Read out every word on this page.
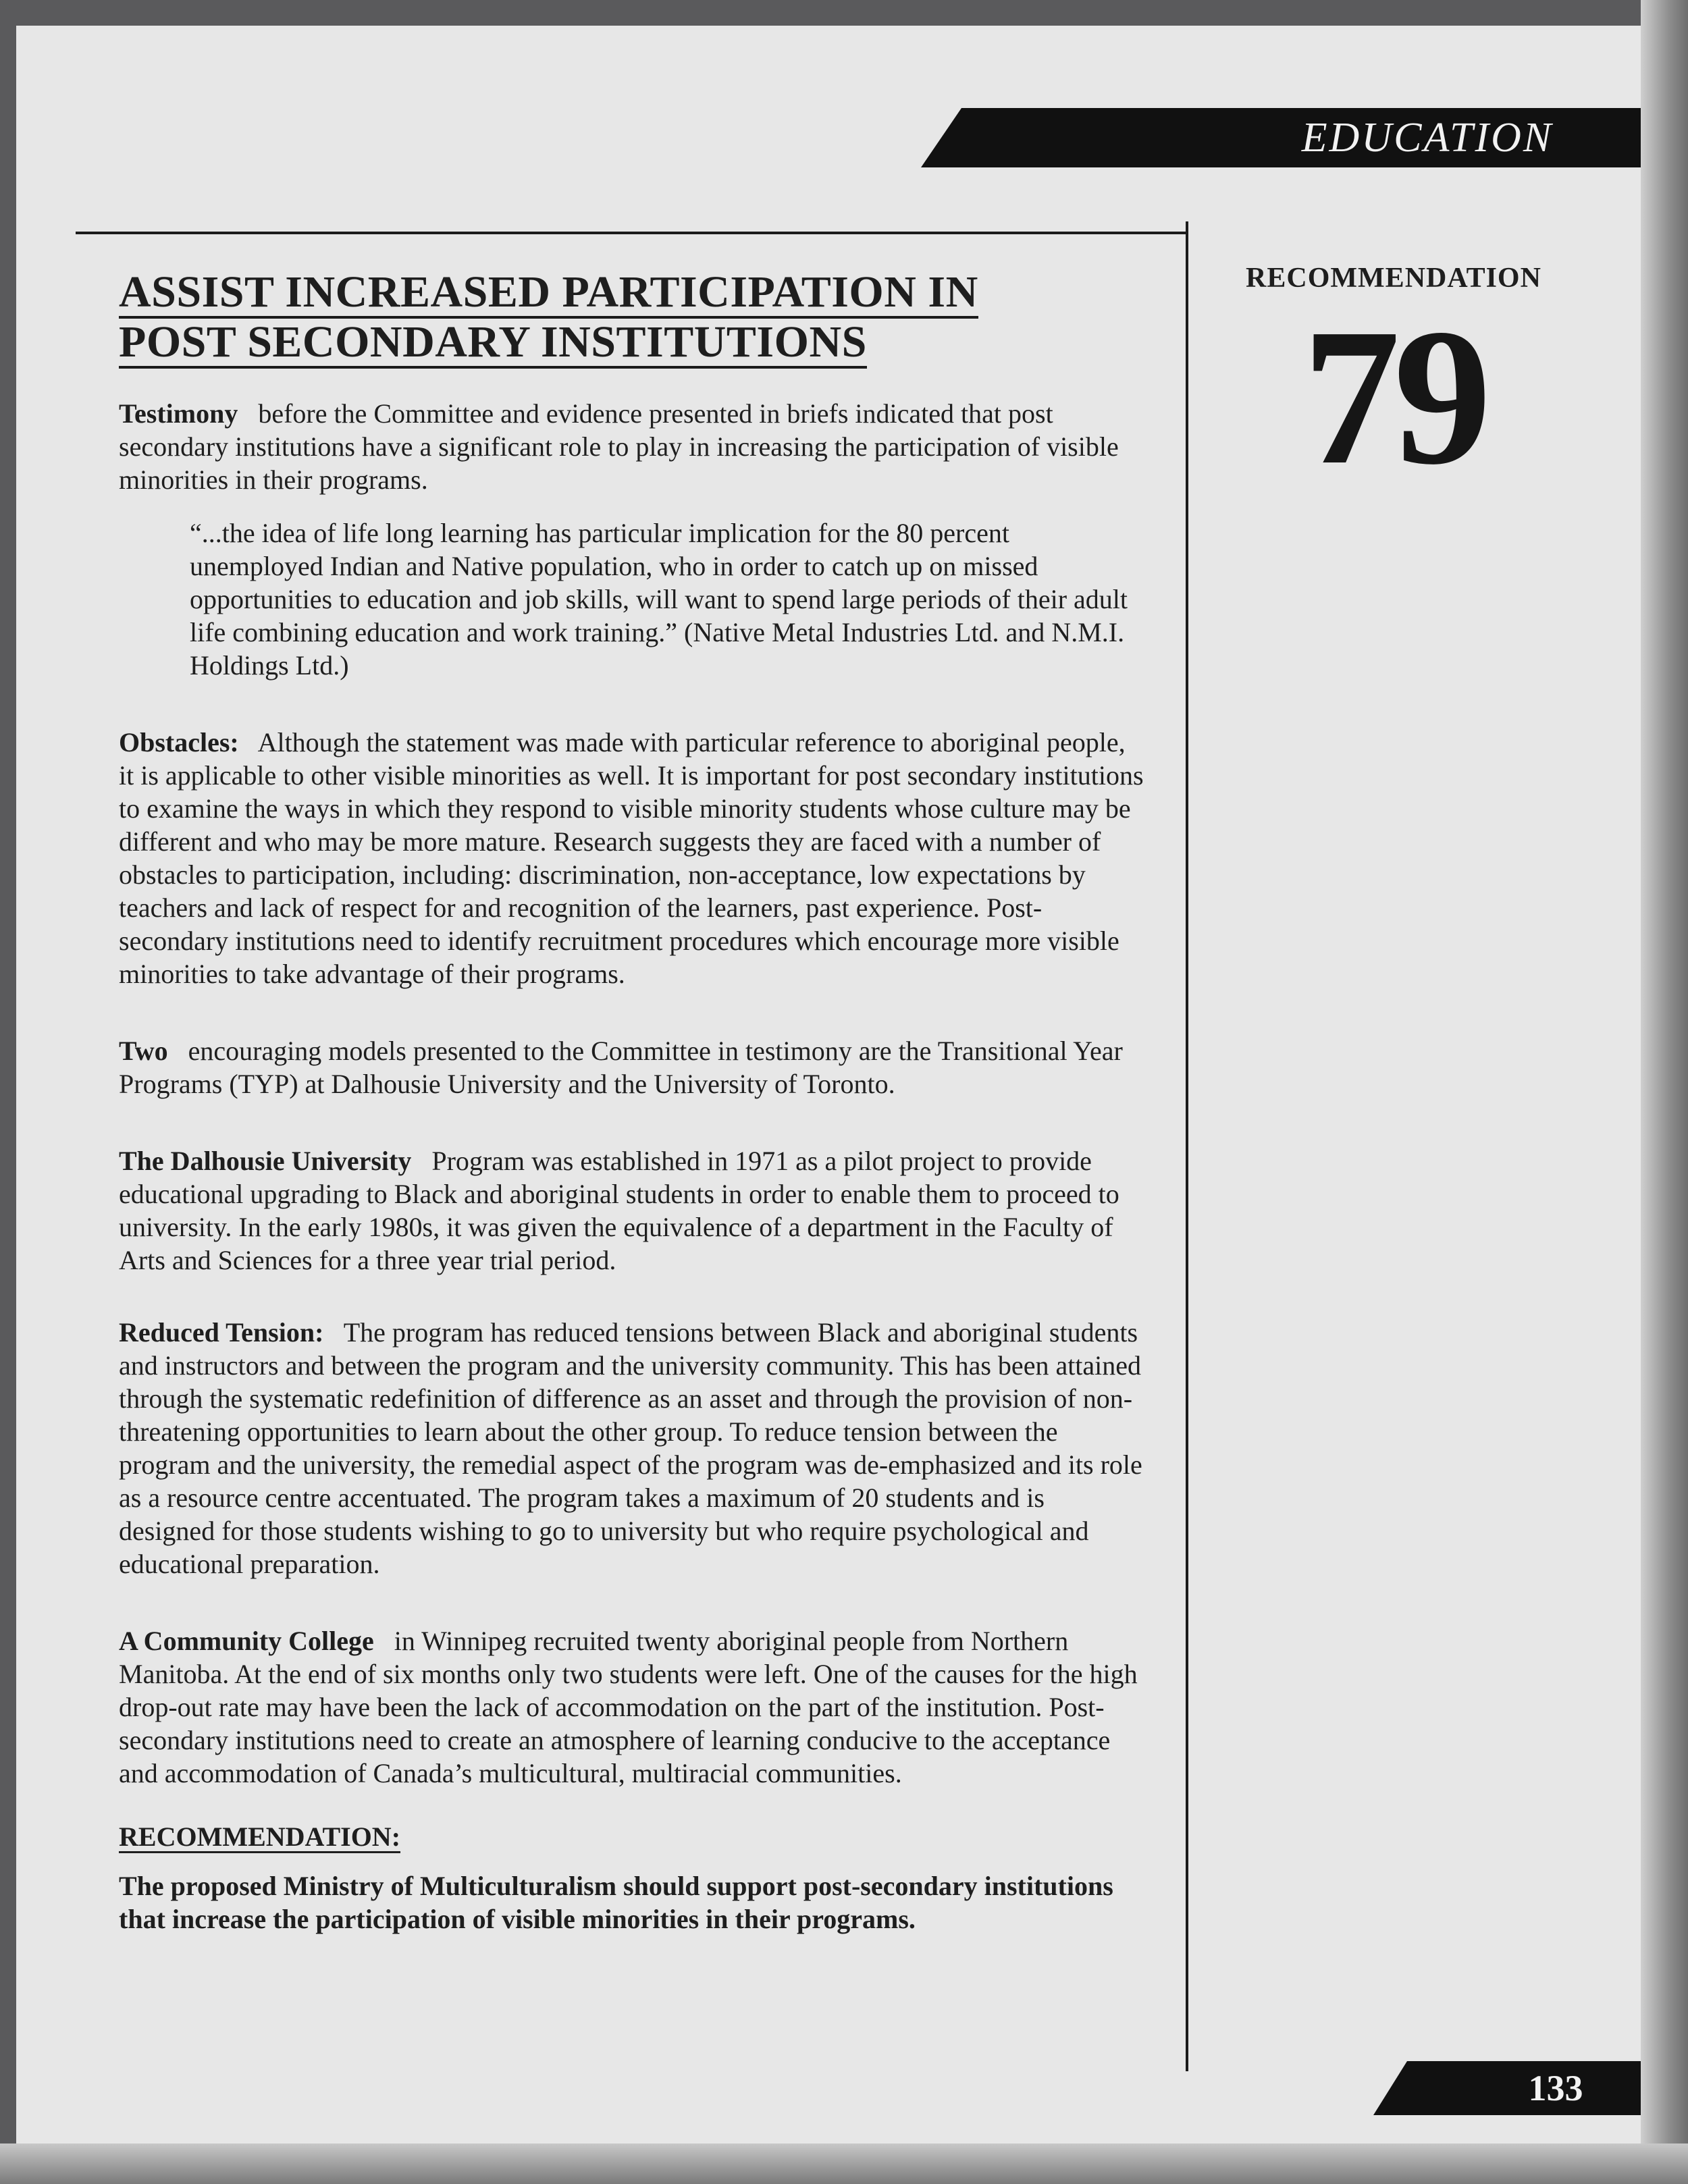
EDUCATION
RECOMMENDATION
79
ASSIST INCREASED PARTICIPATION IN
POST SECONDARY INSTITUTIONS

Testimony before the Committee and evidence presented in briefs indicated that post secondary institutions have a significant role to play in increasing the participation of visible minorities in their programs.

“...the idea of life long learning has particular implication for the 80 percent unemployed Indian and Native population, who in order to catch up on missed opportunities to education and job skills, will want to spend large periods of their adult life combining education and work training.” (Native Metal Industries Ltd. and N.M.I. Holdings Ltd.)

Obstacles: Although the statement was made with particular reference to aboriginal people, it is applicable to other visible minorities as well. It is important for post secondary institutions to examine the ways in which they respond to visible minority students whose culture may be different and who may be more mature. Research suggests they are faced with a number of obstacles to participation, including: discrimination, non-acceptance, low expectations by teachers and lack of respect for and recognition of the learners, past experience. Post-secondary institutions need to identify recruitment procedures which encourage more visible minorities to take advantage of their programs.

Two encouraging models presented to the Committee in testimony are the Transitional Year Programs (TYP) at Dalhousie University and the University of Toronto.

The Dalhousie University Program was established in 1971 as a pilot project to provide educational upgrading to Black and aboriginal students in order to enable them to proceed to university. In the early 1980s, it was given the equivalence of a department in the Faculty of Arts and Sciences for a three year trial period.

Reduced Tension: The program has reduced tensions between Black and aboriginal students and instructors and between the program and the university community. This has been attained through the systematic redefinition of difference as an asset and through the provision of non-threatening opportunities to learn about the other group. To reduce tension between the program and the university, the remedial aspect of the program was de-emphasized and its role as a resource centre accentuated. The program takes a maximum of 20 students and is designed for those students wishing to go to university but who require psychological and educational preparation.

A Community College in Winnipeg recruited twenty aboriginal people from Northern Manitoba. At the end of six months only two students were left. One of the causes for the high drop-out rate may have been the lack of accommodation on the part of the institution. Post-secondary institutions need to create an atmosphere of learning conducive to the acceptance and accommodation of Canada’s multicultural, multiracial communities.

RECOMMENDATION:

The proposed Ministry of Multiculturalism should support post-secondary institutions that increase the participation of visible minorities in their programs.

133
